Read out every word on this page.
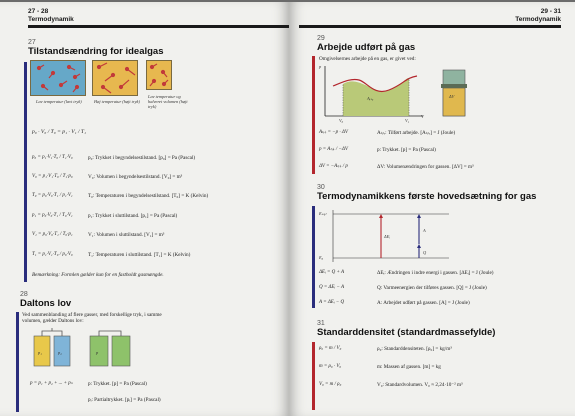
27 - 28
Termodynamik
27
Tilstandsændring for idealgas
Lav temperatur (lavt tryk)	Høj temperatur (højt tryk)
Lav temperatur og halveret volumen (højt tryk)
p₀ · V₀ / T₀ = p₁ · V₁ / T₁
p₀ = p₁·V₁·T₀ / T₁·V₀	p₀: Trykket i begyndelsestilstand. [p₀] = Pa (Pascal)
V₀ = p₁·V₁·T₀ / T₁·p₀	V₀: Volumen i begyndelsestilstand. [V₀] = m³
T₀ = p₀·V₀·T₁ / p₁·V₁	T₀: Temperaturen i begyndelsestilstand. [T₀] = K (Kelvin)
p₁ = p₀·V₀·T₁ / T₀·V₁	p₁: Trykket i sluttilstand. [p₁] = Pa (Pascal)
V₁ = p₀·V₀·T₁ / T₀·p₁	V₁: Volumen i sluttilstand. [V₁] = m³
T₁ = p₁·V₁·T₀ / p₀·V₀	T₁: Temperaturen i sluttilstand. [T₁] = K (Kelvin)
Bemærkning: Formlen gælder kun for en fastholdt gasmængde.
28
Daltons lov
Ved sammenblanding af flere gasser, med forskellige tryk, i samme volumen, gælder Daltons lov:
p₁	p₂	p
p = p₁ + p₂ + ... + pₙ	p: Trykket. [p] = Pa (Pascal)
pᵢ: Partialtrykket. [pᵢ] = Pa (Pascal)
29 - 31
Termodynamik
29
Arbejde udført på gas
Omgivelsernes arbejde på en gas, er givet ved:
p
V
Aᵢₛₒ
V₀	V₁
ΔV
Aₜᵢₗᵣ = −p · ΔV	Aₜᵢₗᵣ: Tilført arbejde. [Aₜᵢₗᵣ] = J (Joule)
p = Aₜᵢₗᵣ / −ΔV	p: Trykket. [p] = Pa (Pascal)
ΔV = −Aₜᵢₗᵣ / p	ΔV: Volumenændringen for gassen. [ΔV] = m³
30
Termodynamikkens første hovedsætning for gas
Eₛₗᵤₜ
E₀
ΔEᵢ
A
Q
ΔEᵢ = Q + A	ΔEᵢ: Ændringen i indre energi i gassen. [ΔEᵢ] = J (Joule)
Q = ΔEᵢ − A	Q: Varmeenergien der tilføres gassen. [Q] = J (Joule)
A = ΔEᵢ − Q	A: Arbejdet udført på gassen. [A] = J (Joule)
31
Standarddensitet (standardmassefylde)
ρ₀ = m / V₀	ρ₀: Standarddensiteten. [ρ₀] = kg/m³
m = ρ₀ · V₀	m: Massen af gassen. [m] = kg
V₀ = m / ρ₀	V₀: Standardvolumen. V₀ ≈ 2,24·10⁻² m³
